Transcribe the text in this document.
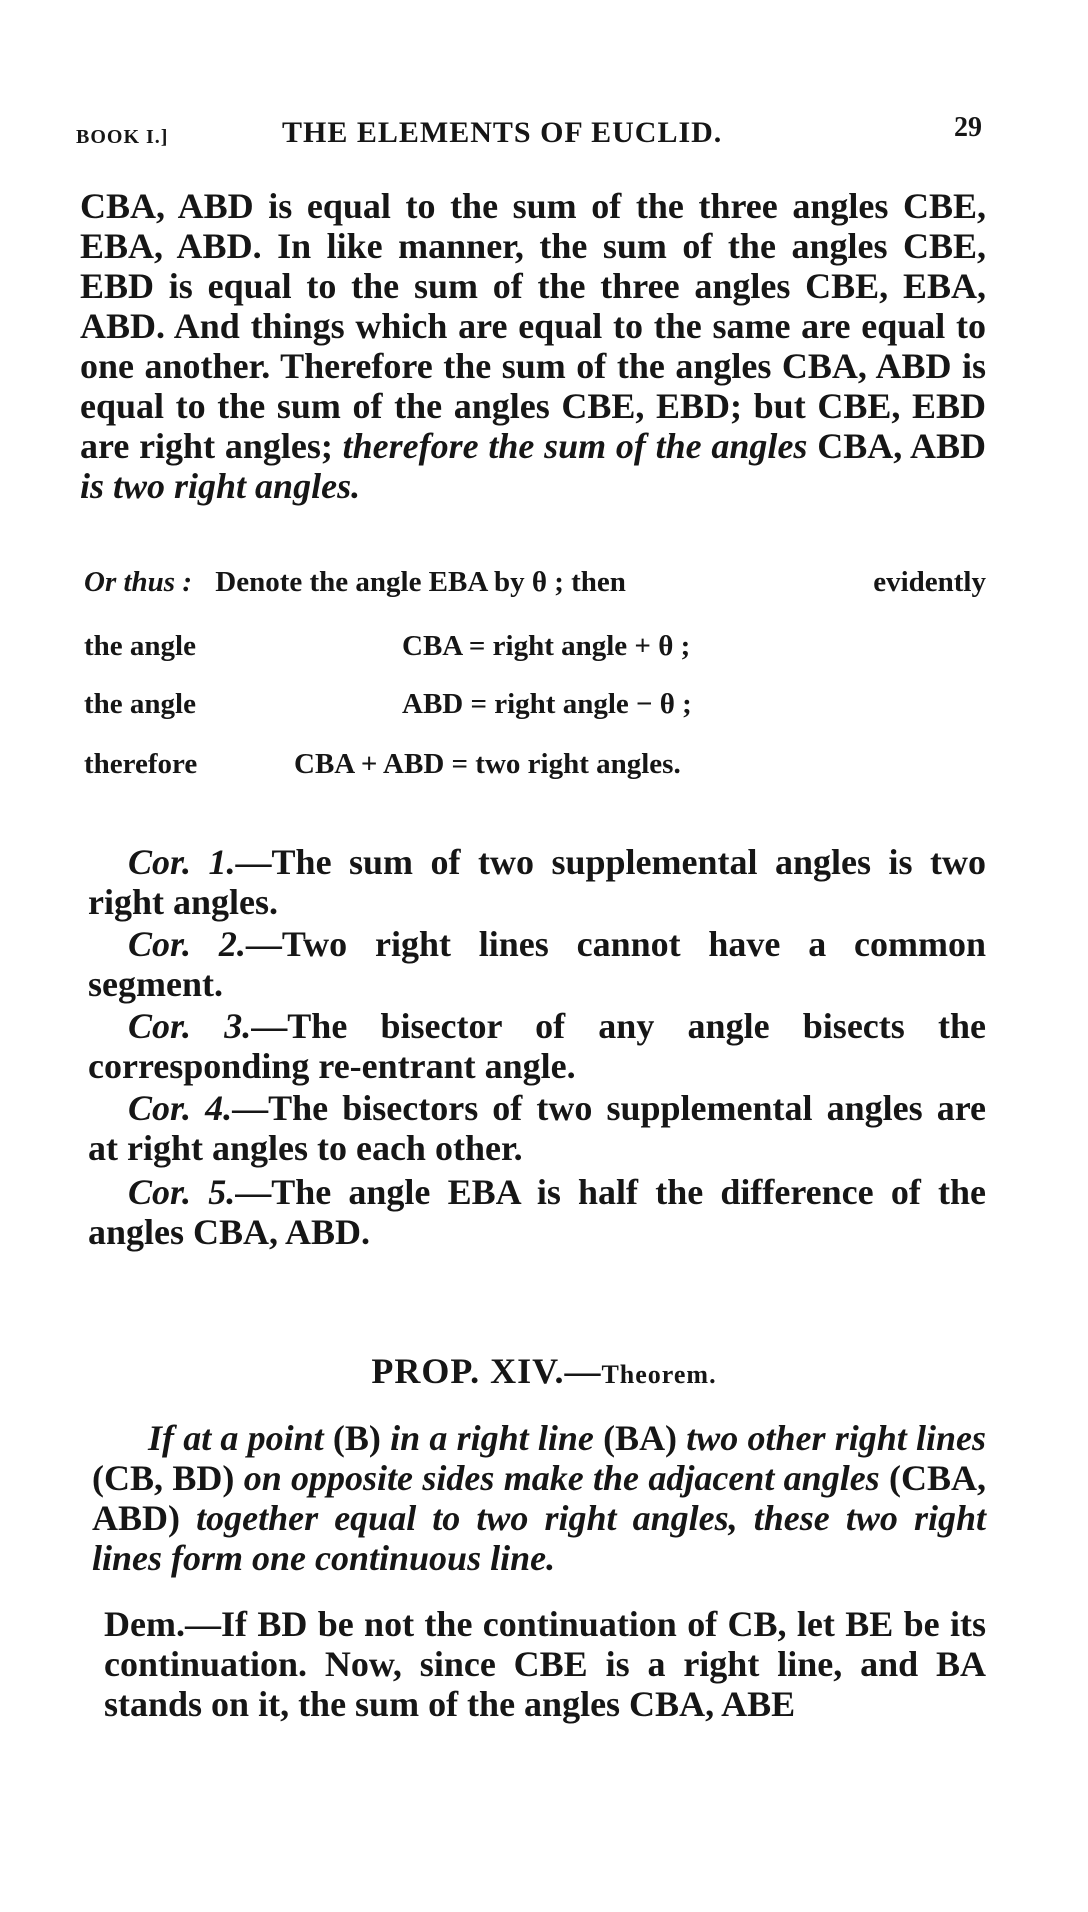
BOOK I.]	THE ELEMENTS OF EUCLID.	29

CBA, ABD is equal to the sum of the three angles CBE, EBA, ABD. In like manner, the sum of the angles CBE, EBD is equal to the sum of the three angles CBE, EBA, ABD. And things which are equal to the same are equal to one another. Therefore the sum of the angles CBA, ABD is equal to the sum of the angles CBE, EBD; but CBE, EBD are right angles; therefore the sum of the angles CBA, ABD is two right angles.

Or thus : Denote the angle EBA by θ ; then	evidently
the angle	CBA = right angle + θ ;
the angle	ABD = right angle − θ ;
therefore	CBA + ABD = two right angles.
Cor. 1.—The sum of two supplemental angles is two right angles.
Cor. 2.—Two right lines cannot have a common segment.
Cor. 3.—The bisector of any angle bisects the corresponding re-entrant angle.
Cor. 4.—The bisectors of two supplemental angles are at right angles to each other.
Cor. 5.—The angle EBA is half the difference of the angles CBA, ABD.
PROP. XIV.—Theorem.
If at a point (B) in a right line (BA) two other right lines (CB, BD) on opposite sides make the adjacent angles (CBA, ABD) together equal to two right angles, these two right lines form one continuous line.
Dem.—If BD be not the continuation of CB, let BE be its continuation. Now, since CBE is a right line, and BA stands on it, the sum of the angles CBA, ABE
